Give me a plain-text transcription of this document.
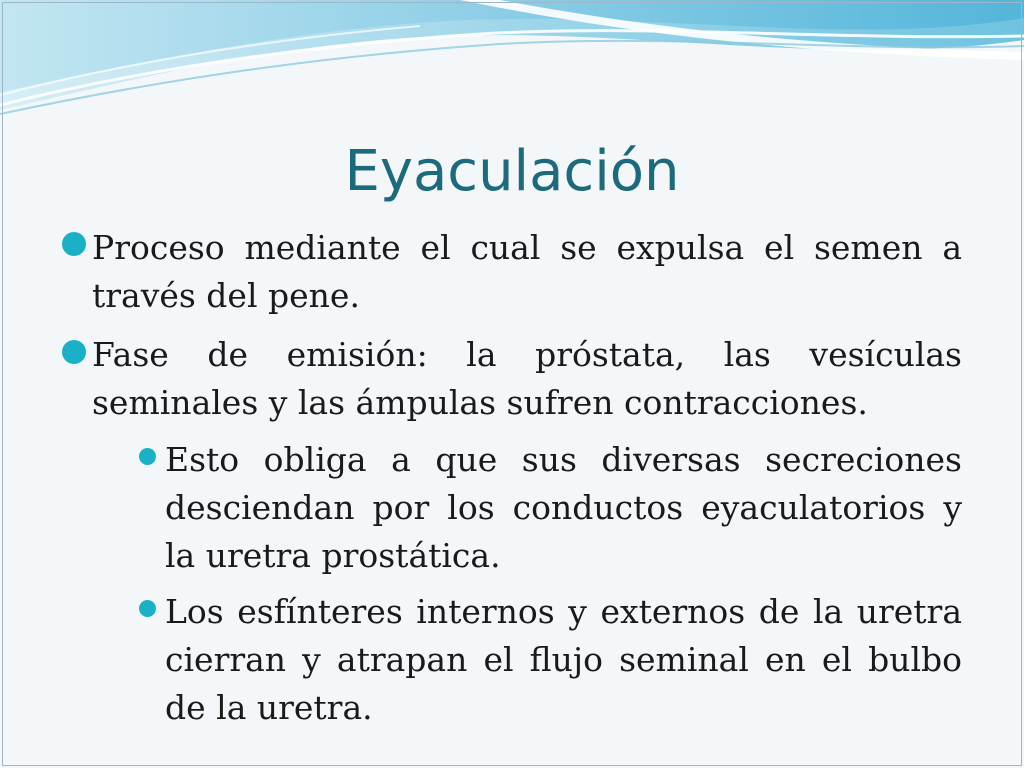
Eyaculación
Proceso mediante el cual se expulsa el semen a través del pene.
Fase de emisión: la próstata, las vesículas seminales y las ámpulas sufren contracciones.
Esto obliga a que sus diversas secreciones desciendan por los conductos eyaculatorios y la uretra prostática.
Los esfínteres internos y externos de la uretra cierran y atrapan el flujo seminal en el bulbo de la uretra.
